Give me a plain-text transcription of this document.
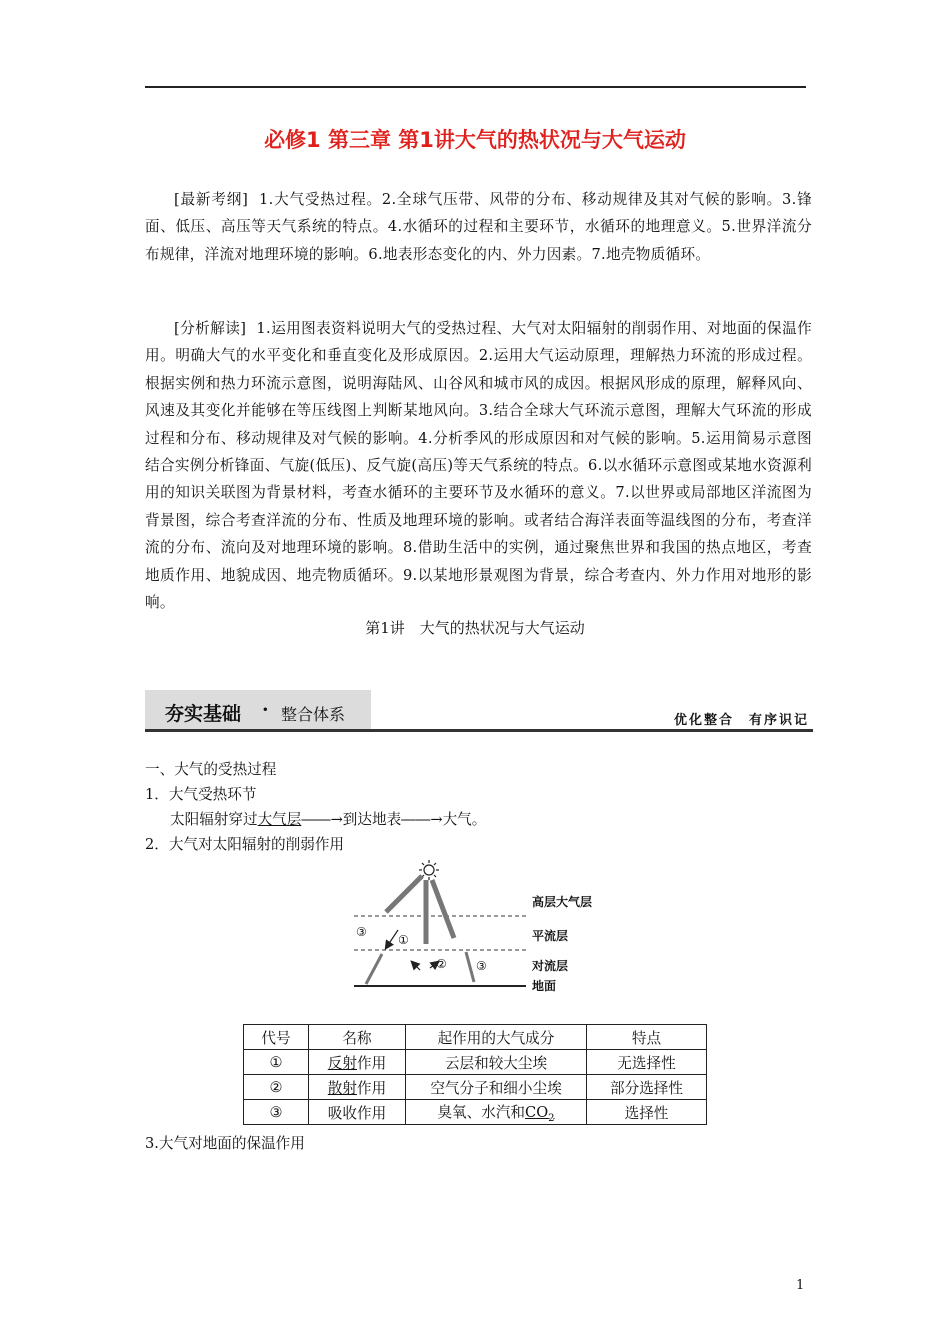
必修1 第三章 第1讲大气的热状况与大气运动
[最新考纲] 1.大气受热过程。2.全球气压带、风带的分布、移动规律及其对气候的影响。3.锋面、低压、高压等天气系统的特点。4.水循环的过程和主要环节，水循环的地理意义。5.世界洋流分布规律，洋流对地理环境的影响。6.地表形态变化的内、外力因素。7.地壳物质循环。
[分析解读] 1.运用图表资料说明大气的受热过程、大气对太阳辐射的削弱作用、对地面的保温作用。明确大气的水平变化和垂直变化及形成原因。2.运用大气运动原理，理解热力环流的形成过程。根据实例和热力环流示意图，说明海陆风、山谷风和城市风的成因。根据风形成的原理，解释风向、风速及其变化并能够在等压线图上判断某地风向。3.结合全球大气环流示意图，理解大气环流的形成过程和分布、移动规律及对气候的影响。4.分析季风的形成原因和对气候的影响。5.运用简易示意图结合实例分析锋面、气旋(低压)、反气旋(高压)等天气系统的特点。6.以水循环示意图或某地水资源利用的知识关联图为背景材料，考查水循环的主要环节及水循环的意义。7.以世界或局部地区洋流图为背景图，综合考查洋流的分布、性质及地理环境的影响。或者结合海洋表面等温线图的分布，考查洋流的分布、流向及对地理环境的影响。8.借助生活中的实例，通过聚焦世界和我国的热点地区，考查地质作用、地貌成因、地壳物质循环。9.以某地形景观图为背景，综合考查内、外力作用对地形的影响。
第1讲　大气的热状况与大气运动
夯实基础 · 整合体系	优化整合　有序识记
一、大气的受热过程
1．大气受热环节
太阳辐射穿过大气层――→到达地表――→大气。
2．大气对太阳辐射的削弱作用
③
①
② ③
高层大气层
平流层
对流层
地面
代号	名称	起作用的大气成分	特点
①	反射作用	云层和较大尘埃	无选择性
②	散射作用	空气分子和细小尘埃	部分选择性
③	吸收作用	臭氧、水汽和$CO_2$	选择性
3.大气对地面的保温作用
1
